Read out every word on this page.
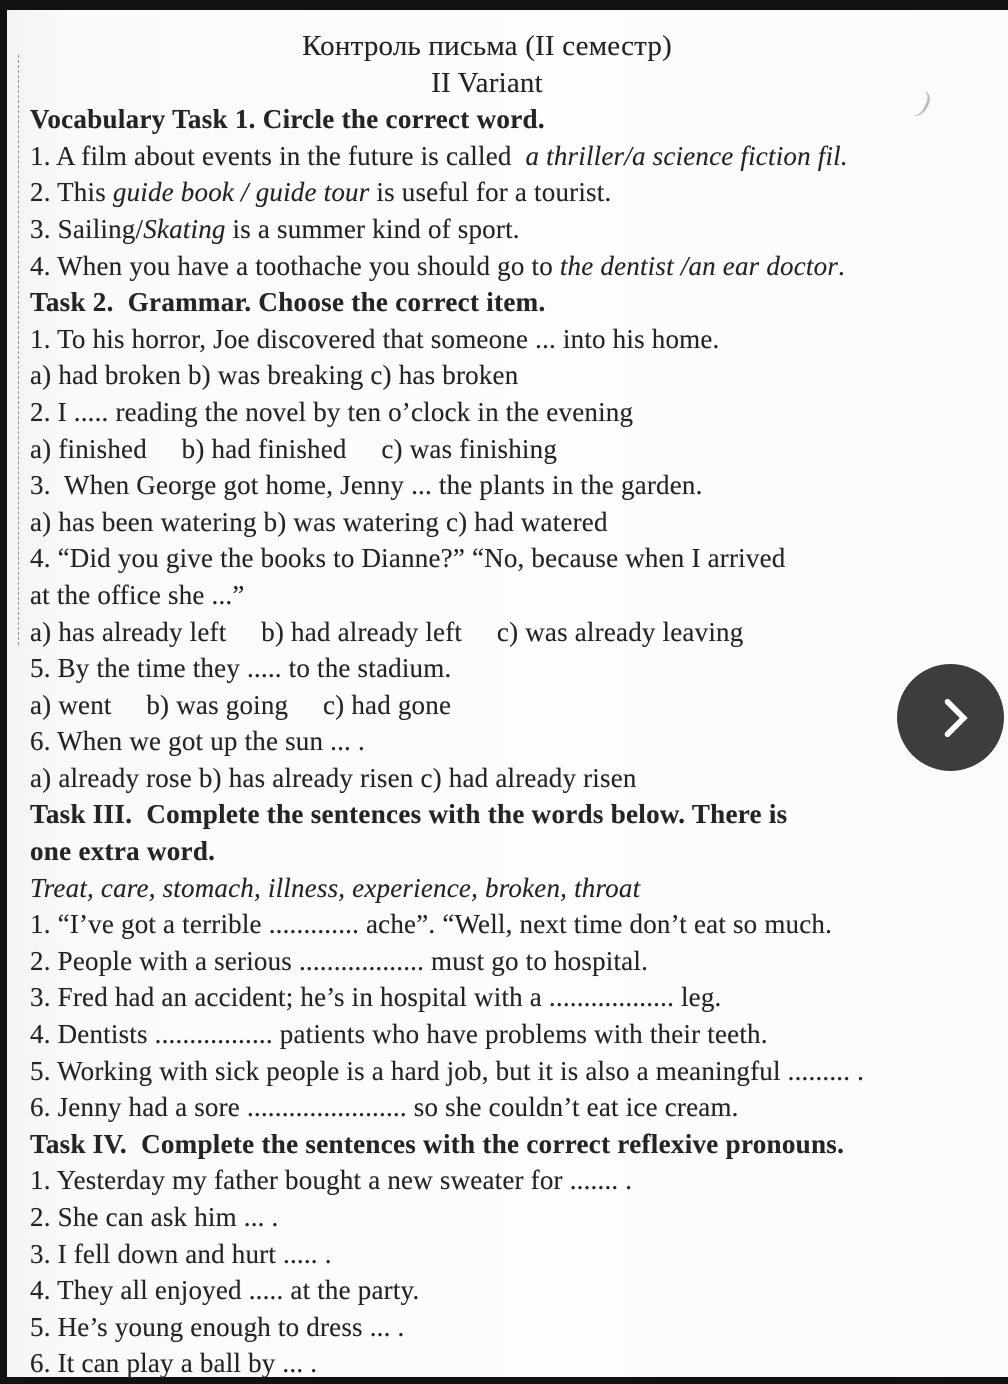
)
Контроль письма (II семестр)
II Variant
Vocabulary Task 1. Circle the correct word.
1. A film about events in the future is called  a thriller/a science fiction fil.
2. This guide book / guide tour is useful for a tourist.
3. Sailing/Skating is a summer kind of sport.
4. When you have a toothache you should go to the dentist /an ear doctor.
Task 2.  Grammar. Choose the correct item.
1. To his horror, Joe discovered that someone ... into his home.
a) had broken b) was breaking c) has broken
2. I ..... reading the novel by ten o’clock in the evening
a) finished     b) had finished     c) was finishing
3.  When George got home, Jenny ... the plants in the garden.
a) has been watering b) was watering c) had watered
4. “Did you give the books to Dianne?” “No, because when I arrived
at the office she ...”
a) has already left     b) had already left     c) was already leaving
5. By the time they ..... to the stadium.
a) went     b) was going     c) had gone
6. When we got up the sun ... .
a) already rose b) has already risen c) had already risen
Task III.  Complete the sentences with the words below. There is
one extra word.
Treat, care, stomach, illness, experience, broken, throat
1. “I’ve got a terrible ............. ache”. “Well, next time don’t eat so much.
2. People with a serious .................. must go to hospital.
3. Fred had an accident; he’s in hospital with a .................. leg.
4. Dentists ................. patients who have problems with their teeth.
5. Working with sick people is a hard job, but it is also a meaningful ......... .
6. Jenny had a sore ....................... so she couldn’t eat ice cream.
Task IV.  Complete the sentences with the correct reflexive pronouns.
1. Yesterday my father bought a new sweater for ....... .
2. She can ask him ... .
3. I fell down and hurt ..... .
4. They all enjoyed ..... at the party.
5. He’s young enough to dress ... .
6. It can play a ball by ... .
